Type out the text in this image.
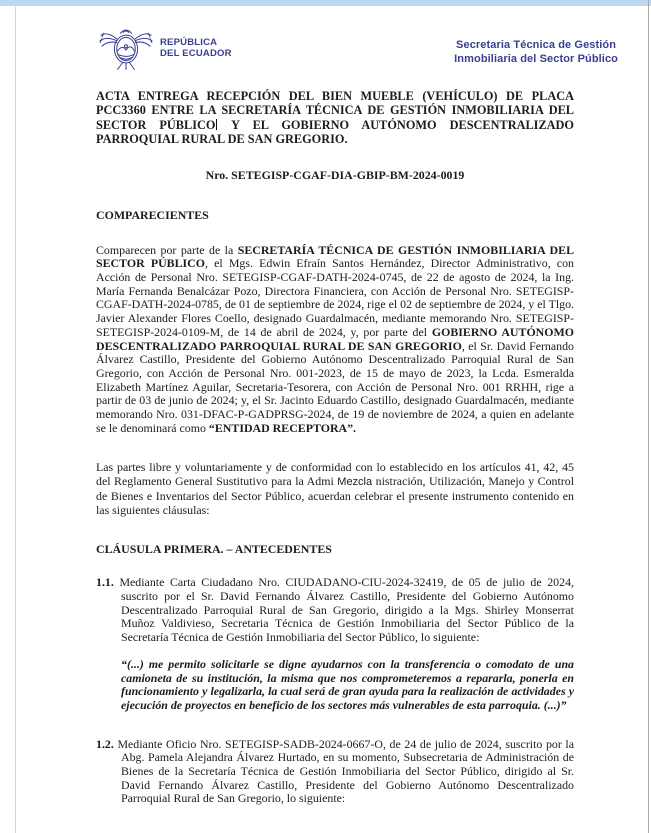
REPÚBLICA
DEL ECUADOR
Secretaria Técnica de Gestión
Inmobiliaria del Sector Público

ACTA ENTREGA RECEPCIÓN DEL BIEN MUEBLE (VEHÍCULO) DE PLACA PCC3360 ENTRE LA SECRETARÍA TÉCNICA DE GESTIÓN INMOBILIARIA DEL SECTOR PÚBLICO Y EL GOBIERNO AUTÓNOMO DESCENTRALIZADO PARROQUIAL RURAL DE SAN GREGORIO.

Nro. SETEGISP-CGAF-DIA-GBIP-BM-2024-0019

COMPARECIENTES

Comparecen por parte de la SECRETARÍA TÉCNICA DE GESTIÓN INMOBILIARIA DEL SECTOR PÚBLICO, el Mgs. Edwin Efraín Santos Hernández, Director Administrativo, con Acción de Personal Nro. SETEGISP-CGAF-DATH-2024-0745, de 22 de agosto de 2024, la Ing. María Fernanda Benalcázar Pozo, Directora Financiera, con Acción de Personal Nro. SETEGISP-CGAF-DATH-2024-0785, de 01 de septiembre de 2024, rige el 02 de septiembre de 2024, y el Tlgo. Javier Alexander Flores Coello, designado Guardalmacén, mediante memorando Nro. SETEGISP-SETEGISP-2024-0109-M, de 14 de abril de 2024, y, por parte del GOBIERNO AUTÓNOMO DESCENTRALIZADO PARROQUIAL RURAL DE SAN GREGORIO, el Sr. David Fernando Álvarez Castillo, Presidente del Gobierno Autónomo Descentralizado Parroquial Rural de San Gregorio, con Acción de Personal Nro. 001-2023, de 15 de mayo de 2023, la Lcda. Esmeralda Elizabeth Martínez Aguilar, Secretaria-Tesorera, con Acción de Personal Nro. 001 RRHH, rige a partir de 03 de junio de 2024; y, el Sr. Jacinto Eduardo Castillo, designado Guardalmacén, mediante memorando Nro. 031-DFAC-P-GADPRSG-2024, de 19 de noviembre de 2024, a quien en adelante se le denominará como “ENTIDAD RECEPTORA”.

Las partes libre y voluntariamente y de conformidad con lo establecido en los artículos 41, 42, 45 del Reglamento General Sustitutivo para la Admi Mezcla nistración, Utilización, Manejo y Control de Bienes e Inventarios del Sector Público, acuerdan celebrar el presente instrumento contenido en las siguientes cláusulas:

CLÁUSULA PRIMERA. – ANTECEDENTES

1.1. Mediante Carta Ciudadano Nro. CIUDADANO-CIU-2024-32419, de 05 de julio de 2024, suscrito por el Sr. David Fernando Álvarez Castillo, Presidente del Gobierno Autónomo Descentralizado Parroquial Rural de San Gregorio, dirigido a la Mgs. Shirley Monserrat Muñoz Valdivieso, Secretaria Técnica de Gestión Inmobiliaria del Sector Público de la Secretaría Técnica de Gestión Inmobiliaria del Sector Público, lo siguiente:

“(...) me permito solicitarle se digne ayudarnos con la transferencia o comodato de una camioneta de su institución, la misma que nos comprometeremos a repararla, ponerla en funcionamiento y legalizarla, la cual será de gran ayuda para la realización de actividades y ejecución de proyectos en beneficio de los sectores más vulnerables de esta parroquia. (...)”

1.2. Mediante Oficio Nro. SETEGISP-SADB-2024-0667-O, de 24 de julio de 2024, suscrito por la Abg. Pamela Alejandra Álvarez Hurtado, en su momento, Subsecretaria de Administración de Bienes de la Secretaría Técnica de Gestión Inmobiliaria del Sector Público, dirigido al Sr. David Fernando Álvarez Castillo, Presidente del Gobierno Autónomo Descentralizado Parroquial Rural de San Gregorio, lo siguiente:
